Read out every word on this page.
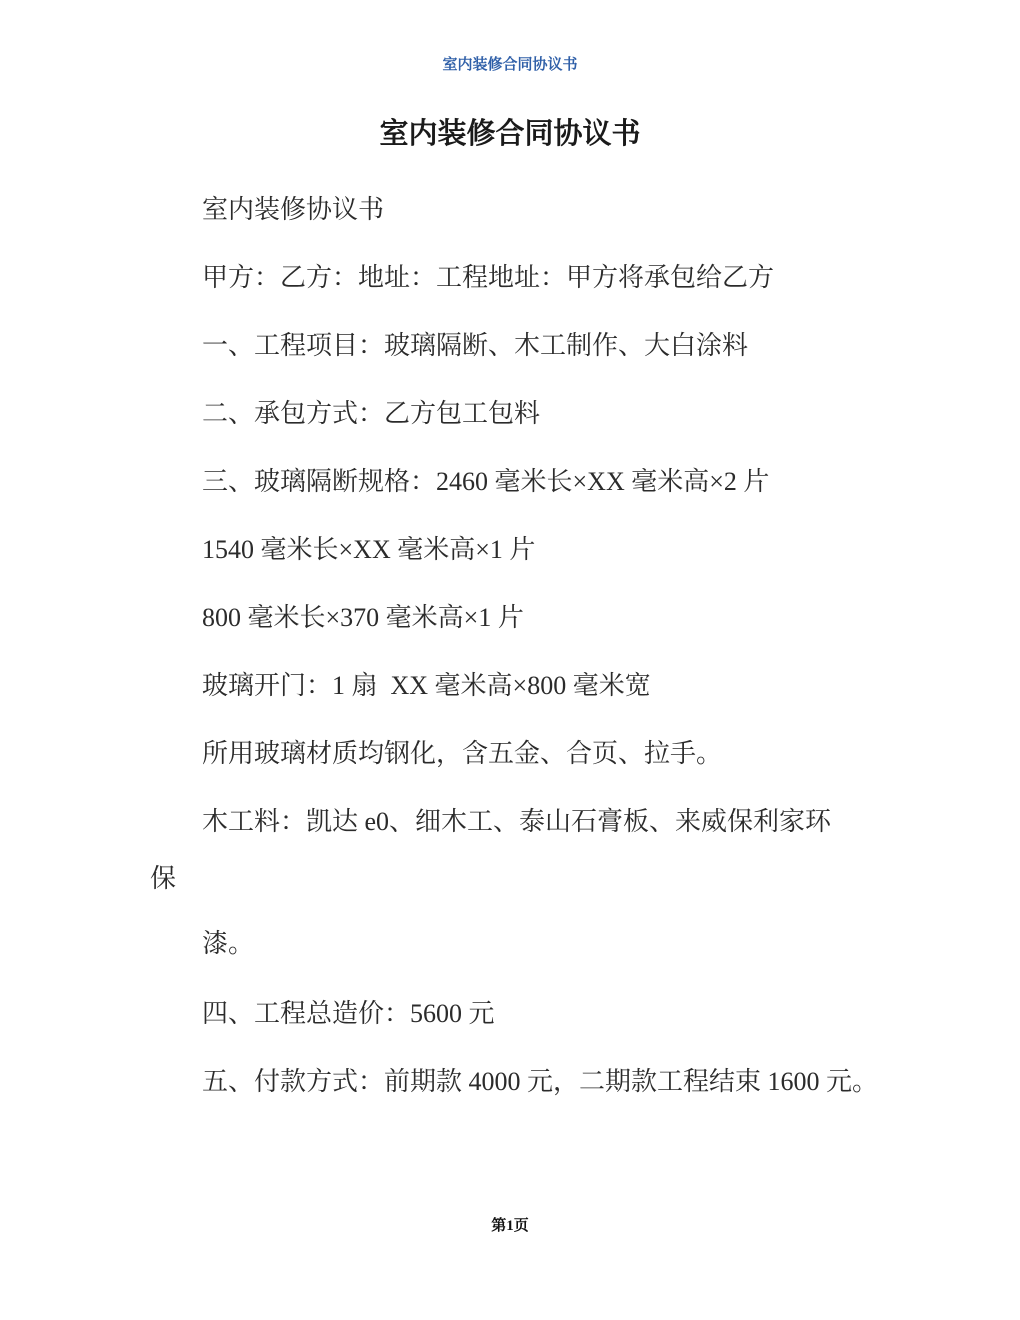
室内装修合同协议书
室内装修合同协议书

室内装修协议书

甲方：乙方：地址：工程地址：甲方将承包给乙方

一、工程项目：玻璃隔断、木工制作、大白涂料

二、承包方式：乙方包工包料

三、玻璃隔断规格：2460 毫米长×XX 毫米高×2 片

1540 毫米长×XX 毫米高×1 片

800 毫米长×370 毫米高×1 片

玻璃开门：1 扇  XX 毫米高×800 毫米宽

所用玻璃材质均钢化，含五金、合页、拉手。

木工料：凯达 e0、细木工、泰山石膏板、来威保利家环

保

漆。

四、工程总造价：5600 元

五、付款方式：前期款 4000 元，二期款工程结束 1600 元。

第1页
